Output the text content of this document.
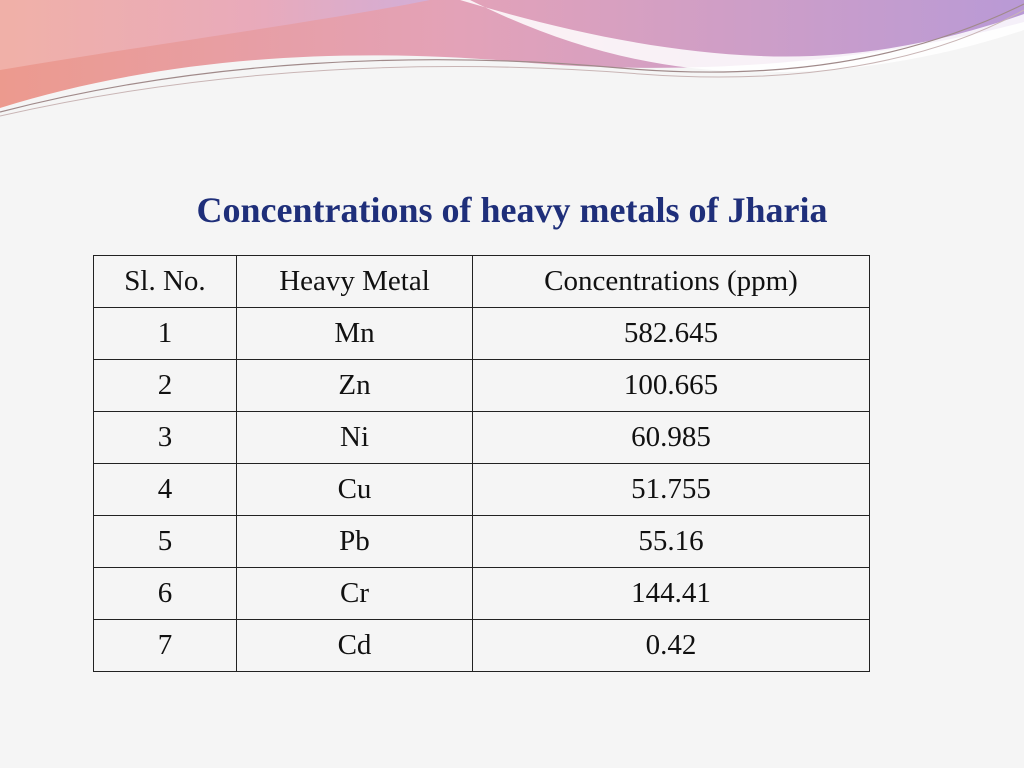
Concentrations of heavy metals of Jharia
Sl. No.	Heavy Metal	Concentrations (ppm)
1	Mn	582.645
2	Zn	100.665
3	Ni	60.985
4	Cu	51.755
5	Pb	55.16
6	Cr	144.41
7	Cd	0.42
